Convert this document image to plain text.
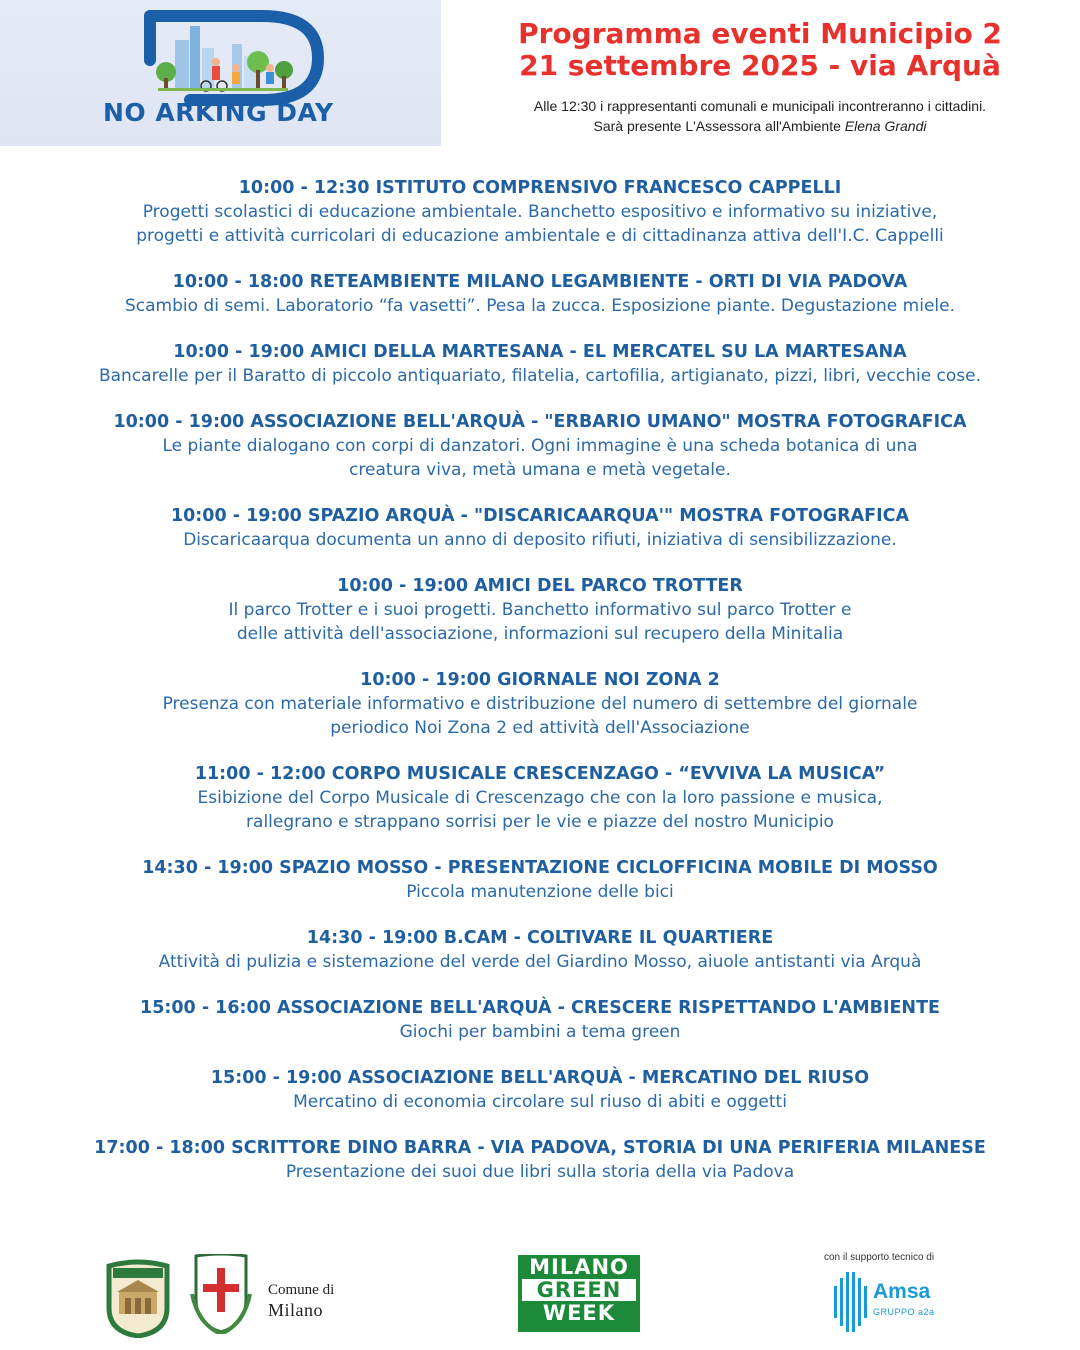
NO ARKING DAY
Programma eventi Municipio 2
21 settembre 2025 - via Arquà
Alle 12:30 i rappresentanti comunali e municipali incontreranno i cittadini.
Sarà presente L'Assessora all'Ambiente Elena Grandi
10:00 - 12:30 ISTITUTO COMPRENSIVO FRANCESCO CAPPELLI
Progetti scolastici di educazione ambientale. Banchetto espositivo e informativo su iniziative,
progetti e attività curricolari di educazione ambientale e di cittadinanza attiva dell'I.C. Cappelli
10:00 - 18:00 RETEAMBIENTE MILANO LEGAMBIENTE - ORTI DI VIA PADOVA
Scambio di semi. Laboratorio “fa vasetti”. Pesa la zucca. Esposizione piante. Degustazione miele.
10:00 - 19:00 AMICI DELLA MARTESANA - EL MERCATEL SU LA MARTESANA
Bancarelle per il Baratto di piccolo antiquariato, filatelia, cartofilia, artigianato, pizzi, libri, vecchie cose.
10:00 - 19:00 ASSOCIAZIONE BELL'ARQUÀ - "ERBARIO UMANO" MOSTRA FOTOGRAFICA
Le piante dialogano con corpi di danzatori. Ogni immagine è una scheda botanica di una
creatura viva, metà umana e metà vegetale.
10:00 - 19:00 SPAZIO ARQUÀ - "DISCARICAARQUA'" MOSTRA FOTOGRAFICA
Discaricaarqua documenta un anno di deposito rifiuti, iniziativa di sensibilizzazione.
10:00 - 19:00 AMICI DEL PARCO TROTTER
Il parco Trotter e i suoi progetti. Banchetto informativo sul parco Trotter e
delle attività dell'associazione, informazioni sul recupero della Minitalia
10:00 - 19:00 GIORNALE NOI ZONA 2
Presenza con materiale informativo e distribuzione del numero di settembre del giornale
periodico Noi Zona 2 ed attività dell'Associazione
11:00 - 12:00 CORPO MUSICALE CRESCENZAGO - “EVVIVA LA MUSICA”
Esibizione del Corpo Musicale di Crescenzago che con la loro passione e musica,
rallegrano e strappano sorrisi per le vie e piazze del nostro Municipio
14:30 - 19:00 SPAZIO MOSSO - PRESENTAZIONE CICLOFFICINA MOBILE DI MOSSO
Piccola manutenzione delle bici
14:30 - 19:00 B.CAM - COLTIVARE IL QUARTIERE
Attività di pulizia e sistemazione del verde del Giardino Mosso, aiuole antistanti via Arquà
15:00 - 16:00 ASSOCIAZIONE BELL'ARQUÀ - CRESCERE RISPETTANDO L'AMBIENTE
Giochi per bambini a tema green
15:00 - 19:00 ASSOCIAZIONE BELL'ARQUÀ - MERCATINO DEL RIUSO
Mercatino di economia circolare sul riuso di abiti e oggetti
17:00 - 18:00 SCRITTORE DINO BARRA - VIA PADOVA, STORIA DI UNA PERIFERIA MILANESE
Presentazione dei suoi due libri sulla storia della via Padova
Comune di
Milano
MILANO
GREEN
WEEK
con il supporto tecnico di
Amsa
GRUPPO a2a
